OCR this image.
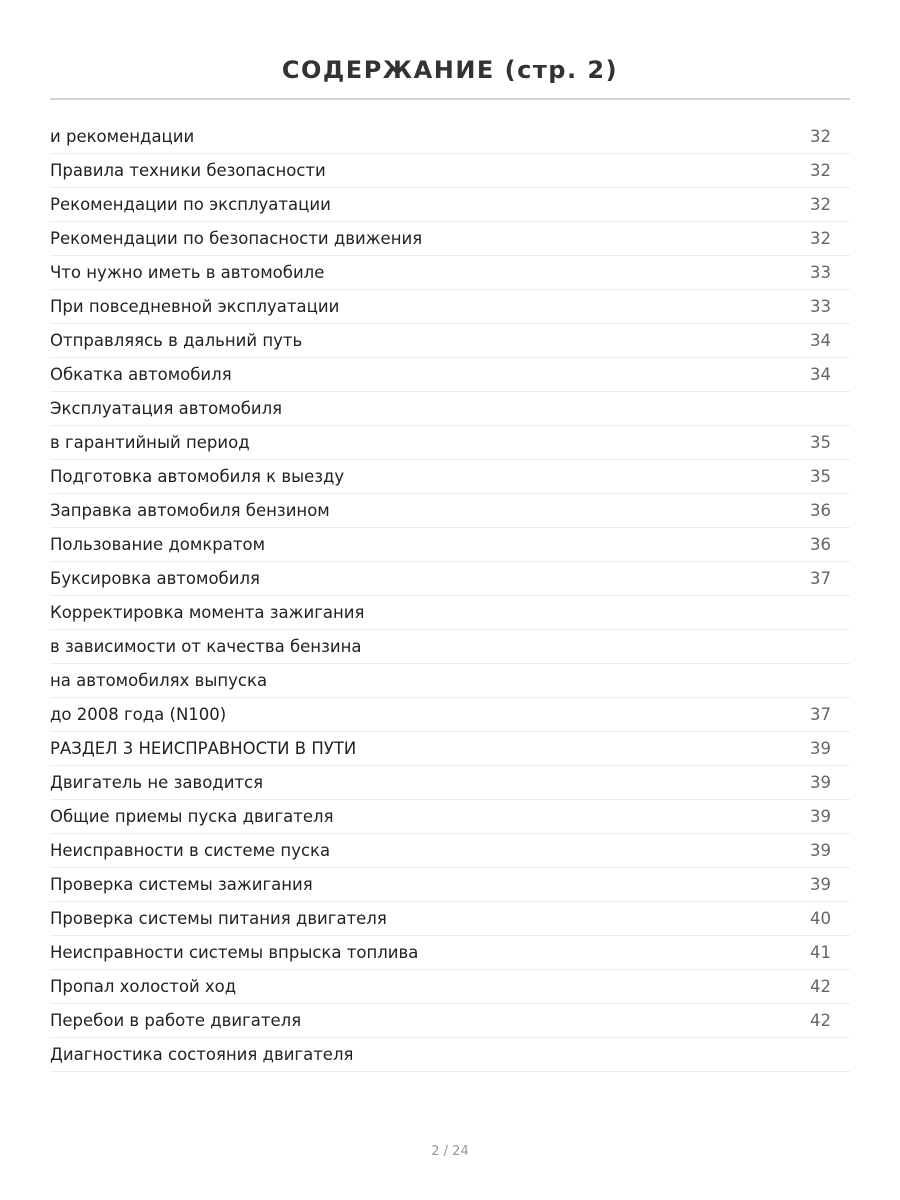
СОДЕРЖАНИЕ (стр. 2)
и рекомендации	32
Правила техники безопасности	32
Рекомендации по эксплуатации	32
Рекомендации по безопасности движения	32
Что нужно иметь в автомобиле	33
При повседневной эксплуатации	33
Отправляясь в дальний путь	34
Обкатка автомобиля	34
Эксплуатация автомобиля
в гарантийный период	35
Подготовка автомобиля к выезду	35
Заправка автомобиля бензином	36
Пользование домкратом	36
Буксировка автомобиля	37
Корректировка момента зажигания
в зависимости от качества бензина
на автомобилях выпуска
до 2008 года (N100)	37
РАЗДЕЛ 3 НЕИСПРАВНОСТИ В ПУТИ	39
Двигатель не заводится	39
Общие приемы пуска двигателя	39
Неисправности в системе пуска	39
Проверка системы зажигания	39
Проверка системы питания двигателя	40
Неисправности системы впрыска топлива	41
Пропал холостой ход	42
Перебои в работе двигателя	42
Диагностика состояния двигателя
2 / 24
